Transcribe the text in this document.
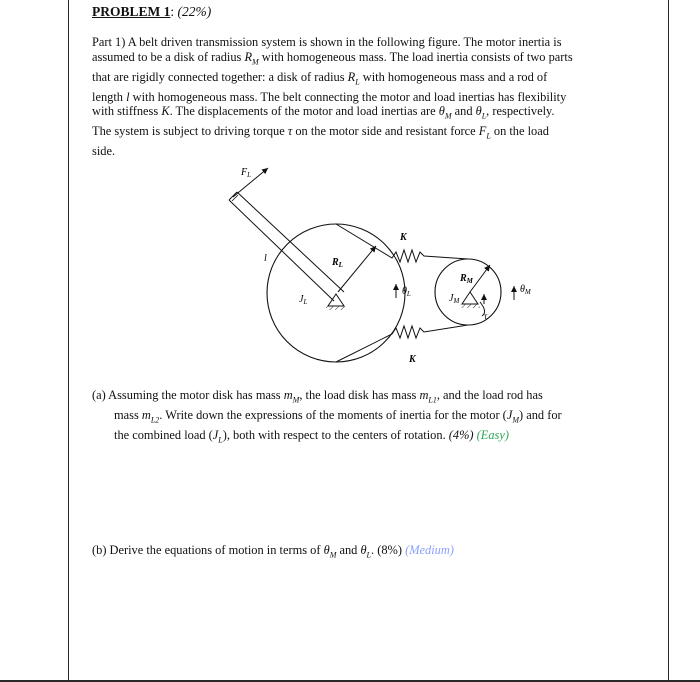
PROBLEM 1: (22%)
Part 1) A belt driven transmission system is shown in the following figure. The motor inertia is
assumed to be a disk of radius $R_M$ with homogeneous mass. The load inertia consists of two parts
that are rigidly connected together: a disk of radius $R_L$ with homogeneous mass and a rod of
length l with homogeneous mass. The belt connecting the motor and load inertias has flexibility
with stiffness K. The displacements of the motor and load inertias are $\theta_M$ and $\theta_L$, respectively.
The system is subject to driving torque τ on the motor side and resistant force $F_L$ on the load
side.
$F_L$
l	$R_L$
$J_L$
$\theta_L$
K
K
$R_M$
$J_M$
τ
$\theta_M$
(a) Assuming the motor disk has mass $m_M$, the load disk has mass $m_{L1}$, and the load rod has
mass $m_{L2}$. Write down the expressions of the moments of inertia for the motor $(J_M)$ and for
the combined load $(J_L)$, both with respect to the centers of rotation. (4%) (Easy)
(b) Derive the equations of motion in terms of $\theta_M$ and $\theta_L$. (8%) (Medium)
